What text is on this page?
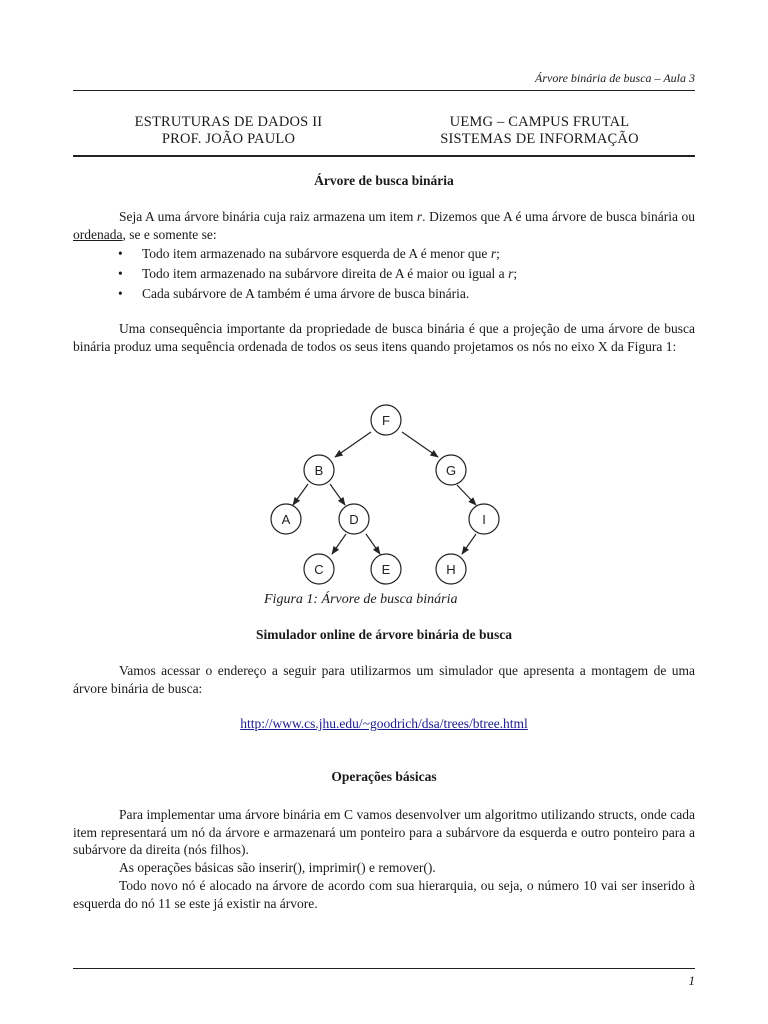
Árvore binária de busca – Aula 3
ESTRUTURAS DE DADOS II
PROF. JOÃO PAULO
UEMG – CAMPUS FRUTAL
SISTEMAS DE INFORMAÇÃO
Árvore de busca binária
Seja A uma árvore binária cuja raiz armazena um item r. Dizemos que A é uma árvore de busca binária ou ordenada, se e somente se:
• Todo item armazenado na subárvore esquerda de A é menor que r;
• Todo item armazenado na subárvore direita de A é maior ou igual a r;
• Cada subárvore de A também é uma árvore de busca binária.
Uma consequência importante da propriedade de busca binária é que a projeção de uma árvore de busca binária produz uma sequência ordenada de todos os seus itens quando projetamos os nós no eixo X da Figura 1:
F
B	G
A	D	I
C	E	H
Figura 1: Árvore de busca binária
Simulador online de árvore binária de busca
Vamos acessar o endereço a seguir para utilizarmos um simulador que apresenta a montagem de uma árvore binária de busca:
http://www.cs.jhu.edu/~goodrich/dsa/trees/btree.html
Operações básicas
Para implementar uma árvore binária em C vamos desenvolver um algoritmo utilizando structs, onde cada item representará um nó da árvore e armazenará um ponteiro para a subárvore da esquerda e outro ponteiro para a subárvore da direita (nós filhos).
As operações básicas são inserir(), imprimir() e remover().
Todo novo nó é alocado na árvore de acordo com sua hierarquia, ou seja, o número 10 vai ser inserido à esquerda do nó 11 se este já existir na árvore.
1
